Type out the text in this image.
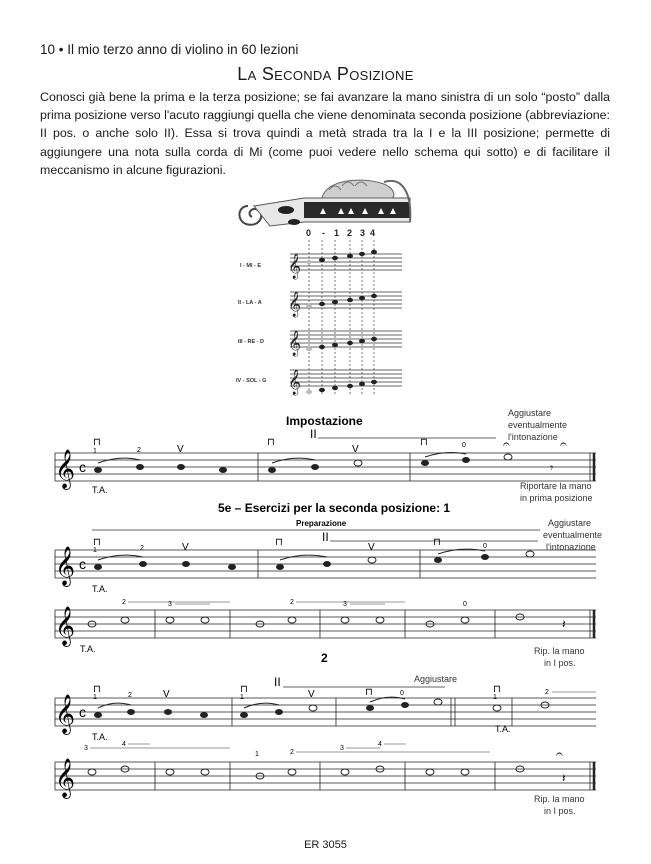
10 • Il mio terzo anno di violino in 60 lezioni
La Seconda Posizione
Conosci già bene la prima e la terza posizione; se fai avanzare la mano sinistra di un solo “posto” dalla prima posizione verso l'acuto raggiungi quella che viene denominata seconda posizione (abbreviazione: II pos. o anche solo II). Essa si trova quindi a metà strada tra la I e la III posizione; permette di aggiungere una nota sulla corda di Mi (come puoi vedere nello schema qui sotto) e di facilitare il meccanismo in alcune figurazioni.
0 - 1 2 3 4
I - MI - E
II - LA - A
III - RE - D
IV - SOL - G
𝄞
𝄞
𝄞
𝄞
Impostazione
II
Aggiustare eventualmente l'intonazione
𝄞 c
⊓
1	2	V
⊓
V
⊓	0	𝄐	𝄐
𝄾
T.A.	Riportare la mano in prima posizione
5e – Esercizi per la seconda posizione: 1
Preparazione
II
Aggiustare eventualmente l'intonazione
𝄞 c
⊓
1	2	V	⊓	V	⊓	0
T.A.
𝄞
2	3	2	3	0
𝄽
T.A.	Rip. la mano in I pos.
2
II	Aggiustare
𝄞 c
⊓
1	2	V	⊓
1	V	⊓	0	⊓
1
2
T.A.
T.A.
𝄞
3
4
1	2
3
4
𝄐
𝄽
Rip. la mano in I pos.
ER 3055
